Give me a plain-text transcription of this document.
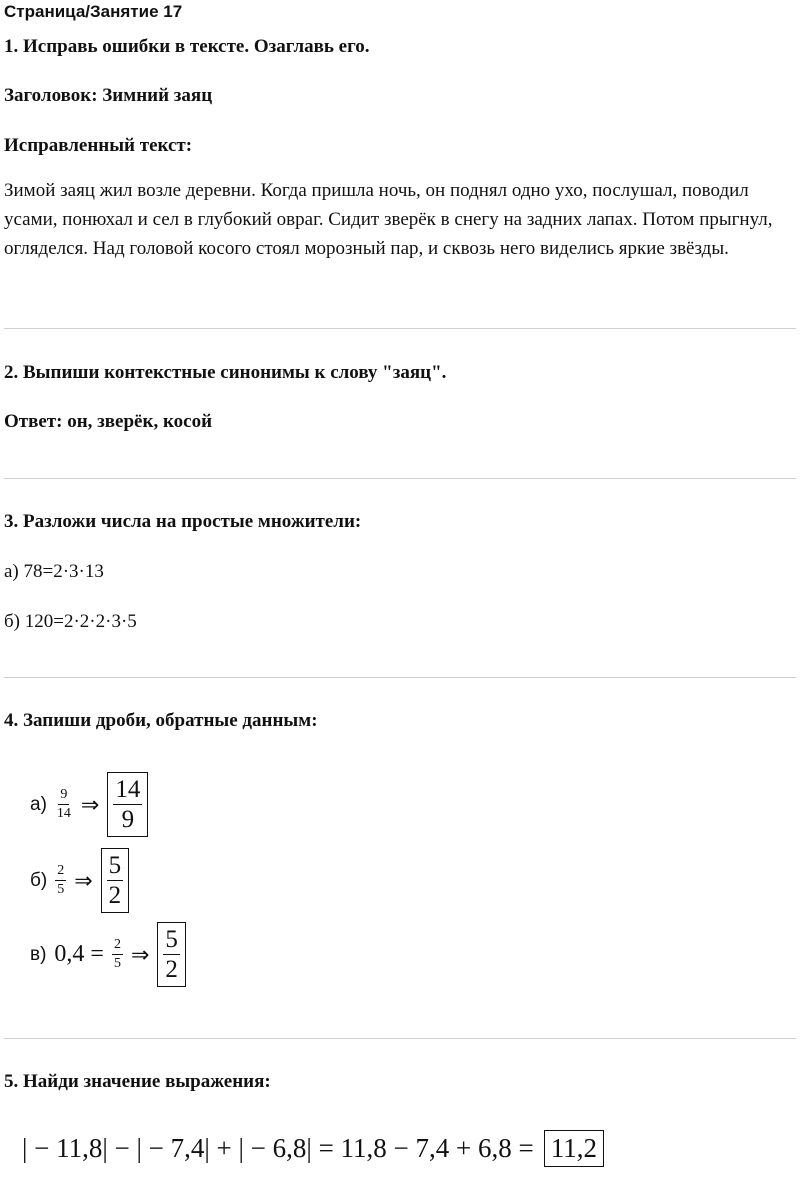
Страница/Занятие 17
1. Исправь ошибки в тексте. Озаглавь его.
Заголовок: Зимний заяц
Исправленный текст:
Зимой заяц жил возле деревни. Когда пришла ночь, он поднял одно ухо, послушал, поводил усами, понюхал и сел в глубокий овраг. Сидит зверёк в снегу на задних лапах. Потом прыгнул, огляделся. Над головой косого стоял морозный пар, и сквозь него виделись яркие звёзды.
2. Выпиши контекстные синонимы к слову "заяц".
Ответ: он, зверёк, косой
3. Разложи числа на простые множители:
а) 78=2·3·13
б) 120=2·2·2·3·5
4. Запиши дроби, обратные данным:
$а) \frac{9}{14}$ ⇒ $\frac{14}{9}$
$б) \frac{2}{5}$ ⇒ $\frac{5}{2}$
в) $0,4 = \frac{2}{5}$ ⇒ $\frac{5}{2}$
5. Найди значение выражения:
| − 11,8| − | − 7,4| + | − 6,8| = 11,8 − 7,4 + 6,8 = 11,2
